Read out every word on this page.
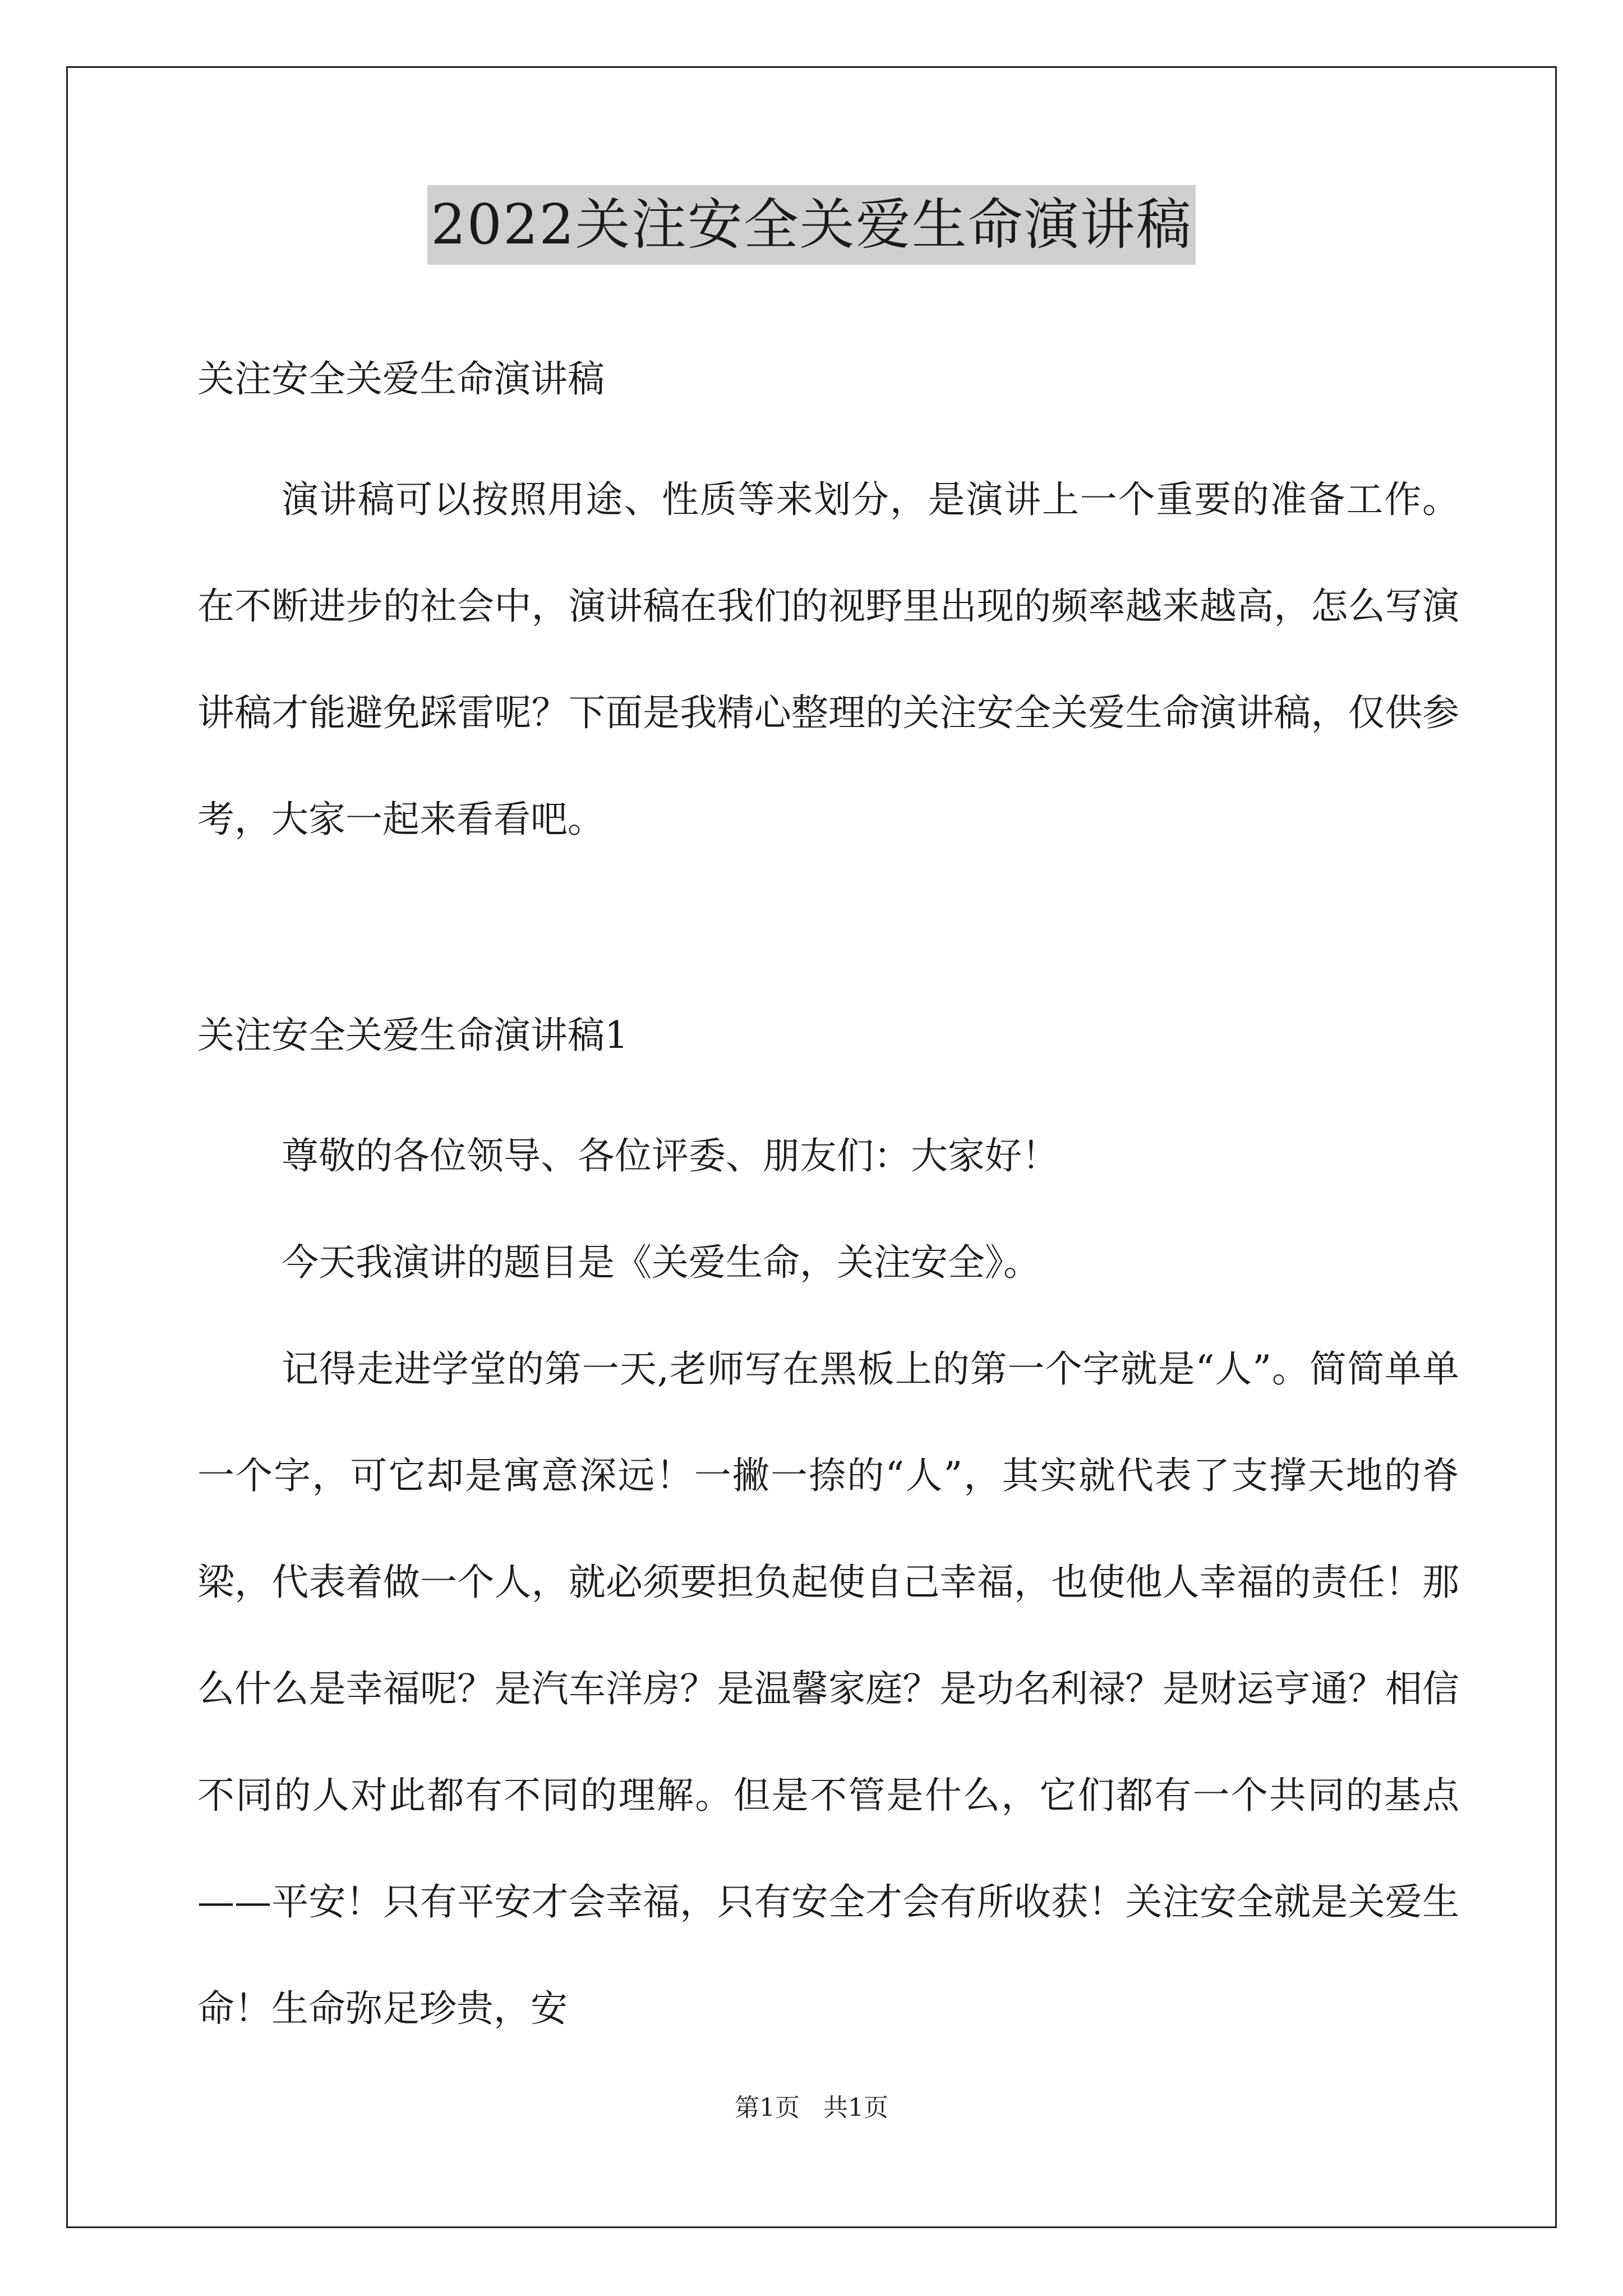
2022关注安全关爱生命演讲稿

关注安全关爱生命演讲稿

演讲稿可以按照用途、性质等来划分，是演讲上一个重要的准备工作。在不断进步的社会中，演讲稿在我们的视野里出现的频率越来越高，怎么写演讲稿才能避免踩雷呢？下面是我精心整理的关注安全关爱生命演讲稿，仅供参考，大家一起来看看吧。

关注安全关爱生命演讲稿1

尊敬的各位领导、各位评委、朋友们：大家好！

今天我演讲的题目是《关爱生命，关注安全》。

记得走进学堂的第一天,老师写在黑板上的第一个字就是“人”。简简单单一个字，可它却是寓意深远！一撇一捺的“人”，其实就代表了支撑天地的脊梁，代表着做一个人，就必须要担负起使自己幸福，也使他人幸福的责任！那么什么是幸福呢？是汽车洋房？是温馨家庭？是功名利禄？是财运亨通？相信不同的人对此都有不同的理解。但是不管是什么，它们都有一个共同的基点——平安！只有平安才会幸福，只有安全才会有所收获！关注安全就是关爱生命！生命弥足珍贵，安

第1页 共1页
